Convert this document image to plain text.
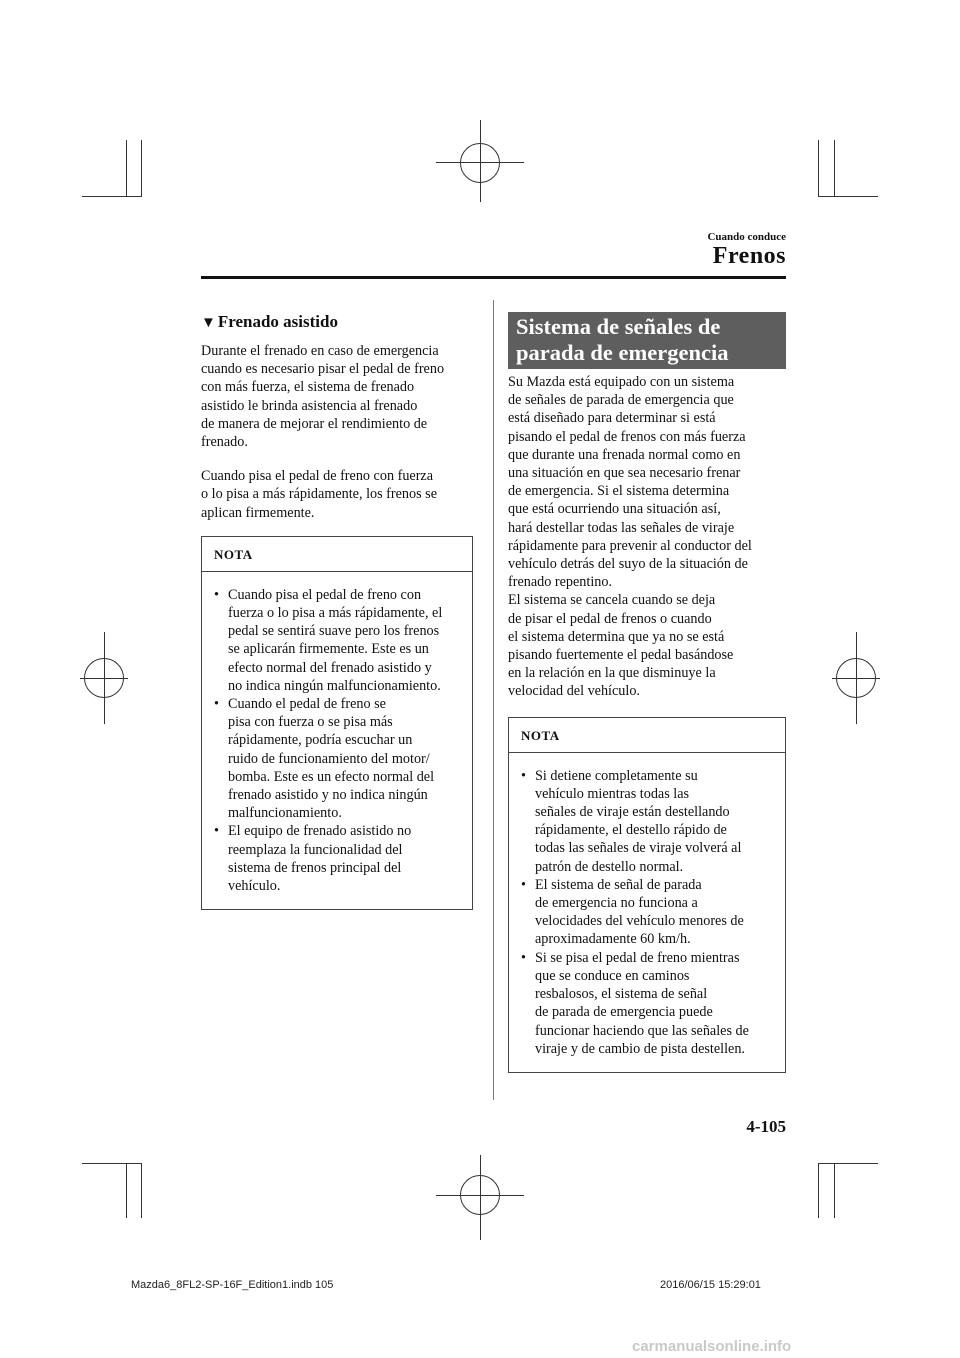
Cuando conduce
Frenos
▼ Frenado asistido

Durante el frenado en caso de emergencia
cuando es necesario pisar el pedal de freno
con más fuerza, el sistema de frenado
asistido le brinda asistencia al frenado
de manera de mejorar el rendimiento de
frenado.

Cuando pisa el pedal de freno con fuerza
o lo pisa a más rápidamente, los frenos se
aplican firmemente.

NOTA
• Cuando pisa el pedal de freno con
fuerza o lo pisa a más rápidamente, el
pedal se sentirá suave pero los frenos
se aplicarán firmemente. Este es un
efecto normal del frenado asistido y
no indica ningún malfuncionamiento.
• Cuando el pedal de freno se
pisa con fuerza o se pisa más
rápidamente, podría escuchar un
ruido de funcionamiento del motor/
bomba. Este es un efecto normal del
frenado asistido y no indica ningún
malfuncionamiento.
• El equipo de frenado asistido no
reemplaza la funcionalidad del
sistema de frenos principal del
vehículo.
Sistema de señales de
parada de emergencia

Su Mazda está equipado con un sistema
de señales de parada de emergencia que
está diseñado para determinar si está
pisando el pedal de frenos con más fuerza
que durante una frenada normal como en
una situación en que sea necesario frenar
de emergencia. Si el sistema determina
que está ocurriendo una situación así,
hará destellar todas las señales de viraje
rápidamente para prevenir al conductor del
vehículo detrás del suyo de la situación de
frenado repentino.
El sistema se cancela cuando se deja
de pisar el pedal de frenos o cuando
el sistema determina que ya no se está
pisando fuertemente el pedal basándose
en la relación en la que disminuye la
velocidad del vehículo.

NOTA
• Si detiene completamente su
vehículo mientras todas las
señales de viraje están destellando
rápidamente, el destello rápido de
todas las señales de viraje volverá al
patrón de destello normal.
• El sistema de señal de parada
de emergencia no funciona a
velocidades del vehículo menores de
aproximadamente 60 km/h.
• Si se pisa el pedal de freno mientras
que se conduce en caminos
resbalosos, el sistema de señal
de parada de emergencia puede
funcionar haciendo que las señales de
viraje y de cambio de pista destellen.
4-105
Mazda6_8FL2-SP-16F_Edition1.indb 105	2016/06/15 15:29:01
carmanualsonline.info
